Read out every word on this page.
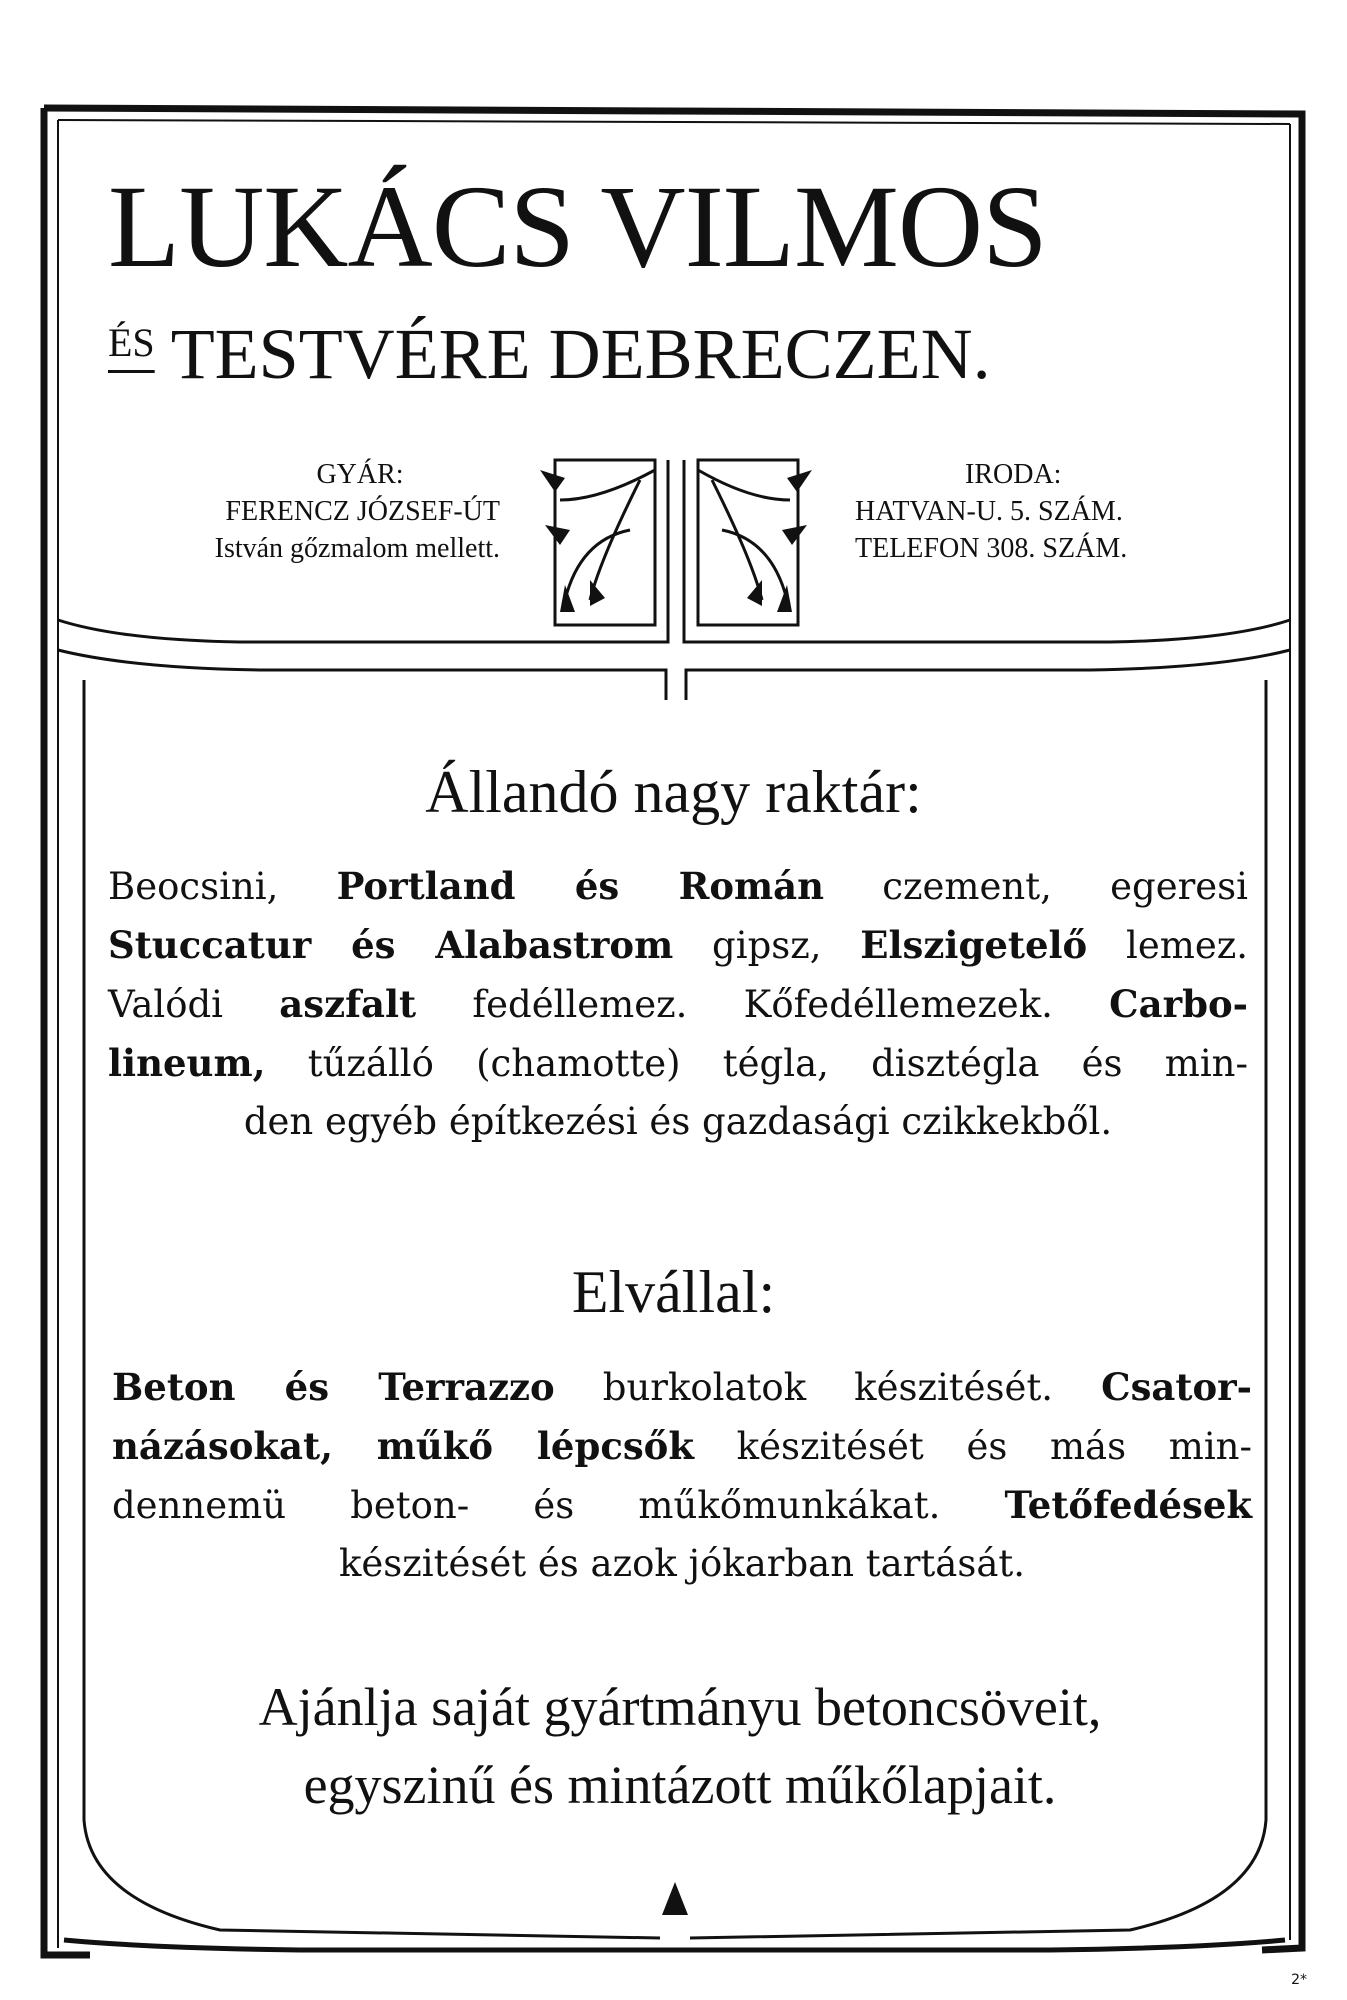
LUKÁCS VILMOS
$^{ÉS}$ TESTVÉRE DEBRECZEN.
GYÁR:
FERENCZ JÓZSEF-ÚT
István gőzmalom mellett.
IRODA:
HATVAN-U. 5. SZÁM.
TELEFON 308. SZÁM.
Állandó nagy raktár:
Beocsini, Portland és Román czement, egeresi
Stuccatur és Alabastrom gipsz, Elszigetelő lemez.
Valódi aszfalt fedéllemez. Kőfedéllemezek. Carbo-
lineum, tűzálló (chamotte) tégla, disztégla és min-
den egyéb építkezési és gazdasági czikkekből.
Elvállal:
Beton és Terrazzo burkolatok készitését. Csator-
názásokat, műkő lépcsők készitését és más min-
dennemü beton- és műkőmunkákat. Tetőfedések
készitését és azok jókarban tartását.
Ajánlja saját gyártmányu betoncsöveit,
egyszinű és mintázott műkőlapjait.
2*
